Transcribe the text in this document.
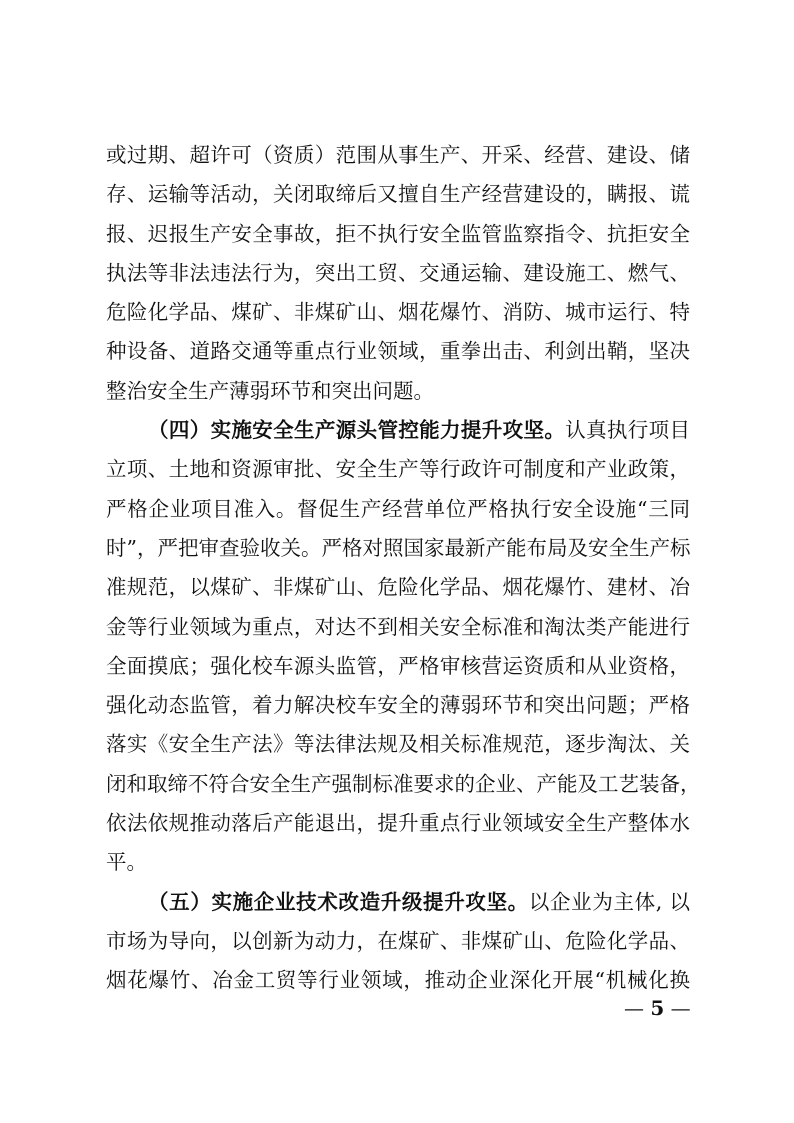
或过期、超许可（资质）范围从事生产、开采、经营、建设、储
存、运输等活动，关闭取缔后又擅自生产经营建设的，瞒报、谎
报、迟报生产安全事故，拒不执行安全监管监察指令、抗拒安全
执法等非法违法行为，突出工贸、交通运输、建设施工、燃气、
危险化学品、煤矿、非煤矿山、烟花爆竹、消防、城市运行、特
种设备、道路交通等重点行业领域，重拳出击、利剑出鞘，坚决
整治安全生产薄弱环节和突出问题。
（四）实施安全生产源头管控能力提升攻坚。认真执行项目
立项、土地和资源审批、安全生产等行政许可制度和产业政策，
严格企业项目准入。督促生产经营单位严格执行安全设施“三同
时”，严把审查验收关。严格对照国家最新产能布局及安全生产标
准规范，以煤矿、非煤矿山、危险化学品、烟花爆竹、建材、冶
金等行业领域为重点，对达不到相关安全标准和淘汰类产能进行
全面摸底；强化校车源头监管，严格审核营运资质和从业资格，
强化动态监管，着力解决校车安全的薄弱环节和突出问题；严格
落实《安全生产法》等法律法规及相关标准规范，逐步淘汰、关
闭和取缔不符合安全生产强制标准要求的企业、产能及工艺装备，
依法依规推动落后产能退出，提升重点行业领域安全生产整体水
平。
（五）实施企业技术改造升级提升攻坚。以企业为主体, 以
市场为导向，以创新为动力，在煤矿、非煤矿山、危险化学品、
烟花爆竹、冶金工贸等行业领域，推动企业深化开展“机械化换
— 5 —
